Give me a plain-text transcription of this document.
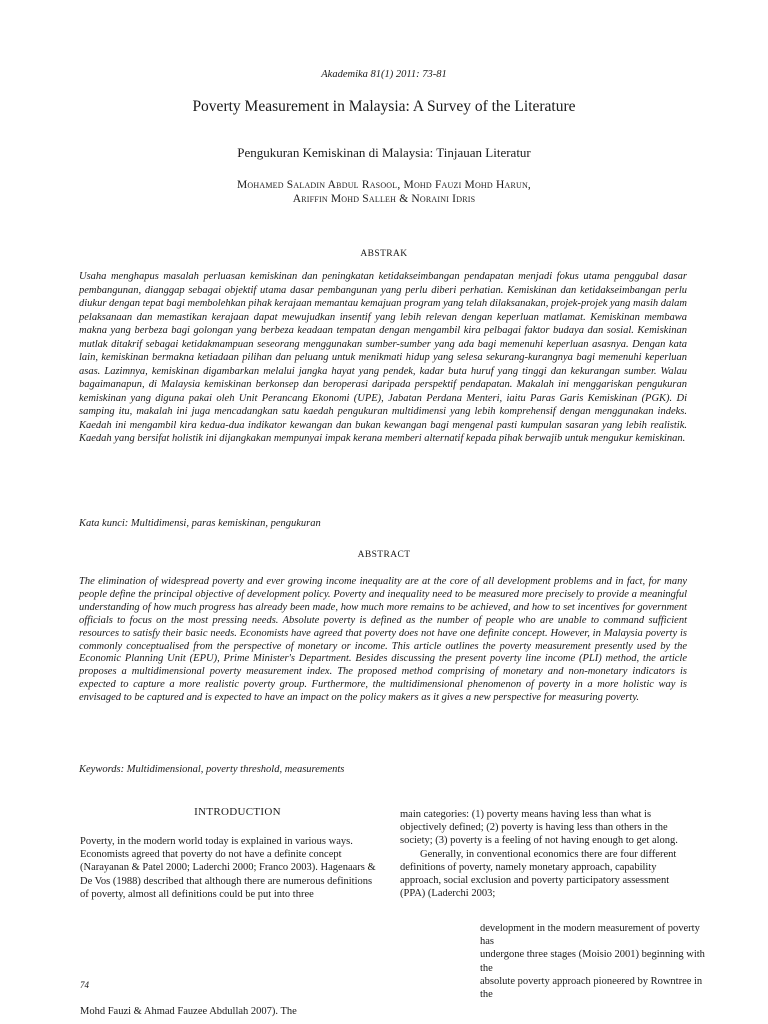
Akademika 81(1) 2011: 73-81
Poverty Measurement in Malaysia: A Survey of the Literature
Pengukuran Kemiskinan di Malaysia: Tinjauan Literatur
Mohamed Saladin Abdul Rasool, Mohd Fauzi Mohd Harun,
Ariffin Mohd Salleh & Noraini Idris
ABSTRAK

Usaha menghapus masalah perluasan kemiskinan dan peningkatan ketidakseimbangan pendapatan menjadi fokus utama penggubal dasar pembangunan, dianggap sebagai objektif utama dasar pembangunan yang perlu diberi perhatian. Kemiskinan dan ketidakseimbangan perlu diukur dengan tepat bagi membolehkan pihak kerajaan memantau kemajuan program yang telah dilaksanakan, projek-projek yang masih dalam pelaksanaan dan memastikan kerajaan dapat mewujudkan insentif yang lebih relevan dengan keperluan matlamat. Kemiskinan membawa makna yang berbeza bagi golongan yang berbeza keadaan tempatan dengan mengambil kira pelbagai faktor budaya dan sosial. Kemiskinan mutlak ditakrif sebagai ketidakmampuan seseorang menggunakan sumber-sumber yang ada bagi memenuhi keperluan asasnya. Dengan kata lain, kemiskinan bermakna ketiadaan pilihan dan peluang untuk menikmati hidup yang selesa sekurang-kurangnya bagi memenuhi keperluan asas. Lazimnya, kemiskinan digambarkan melalui jangka hayat yang pendek, kadar buta huruf yang tinggi dan kekurangan sumber. Walau bagaimanapun, di Malaysia kemiskinan berkonsep dan beroperasi daripada perspektif pendapatan. Makalah ini menggariskan pengukuran kemiskinan yang diguna pakai oleh Unit Perancang Ekonomi (UPE), Jabatan Perdana Menteri, iaitu Paras Garis Kemiskinan (PGK). Di samping itu, makalah ini juga mencadangkan satu kaedah pengukuran multidimensi yang lebih komprehensif dengan menggunakan indeks. Kaedah ini mengambil kira kedua-dua indikator kewangan dan bukan kewangan bagi mengenal pasti kumpulan sasaran yang lebih realistik. Kaedah yang bersifat holistik ini dijangkakan mempunyai impak kerana memberi alternatif kepada pihak berwajib untuk mengukur kemiskinan.

Kata kunci: Multidimensi, paras kemiskinan, pengukuran

ABSTRACT

The elimination of widespread poverty and ever growing income inequality are at the core of all development problems and in fact, for many people define the principal objective of development policy. Poverty and inequality need to be measured more precisely to provide a meaningful understanding of how much progress has already been made, how much more remains to be achieved, and how to set incentives for government officials to focus on the most pressing needs. Absolute poverty is defined as the number of people who are unable to command sufficient resources to satisfy their basic needs. Economists have agreed that poverty does not have one definite concept. However, in Malaysia poverty is commonly conceptualised from the perspective of monetary or income. This article outlines the poverty measurement presently used by the Economic Planning Unit (EPU), Prime Minister's Department. Besides discussing the present poverty line income (PLI) method, the article proposes a multidimensional poverty measurement index. The proposed method comprising of monetary and non-monetary indicators is expected to capture a more realistic poverty group. Furthermore, the multidimensional phenomenon of poverty in a more holistic way is envisaged to be captured and is expected to have an impact on the policy makers as it gives a new perspective for measuring poverty.

Keywords: Multidimensional, poverty threshold, measurements

INTRODUCTION

Poverty, in the modern world today is explained in various ways. Economists agreed that poverty do not have a definite concept (Narayanan & Patel 2000; Laderchi 2000; Franco 2003). Hagenaars & De Vos (1988) described that although there are numerous definitions of poverty, almost all definitions could be put into three

main categories: (1) poverty means having less than what is objectively defined; (2) poverty is having less than others in the society; (3) poverty is a feeling of not having enough to get along.
Generally, in conventional economics there are four different definitions of poverty, namely monetary approach, capability approach, social exclusion and poverty participatory assessment (PPA) (Laderchi 2003;
development in the modern measurement of poverty
has
undergone three stages (Moisio 2001) beginning with
the
absolute poverty approach pioneered by Rowntree in
the
74
Mohd Fauzi & Ahmad Fauzee Abdullah 2007). The
